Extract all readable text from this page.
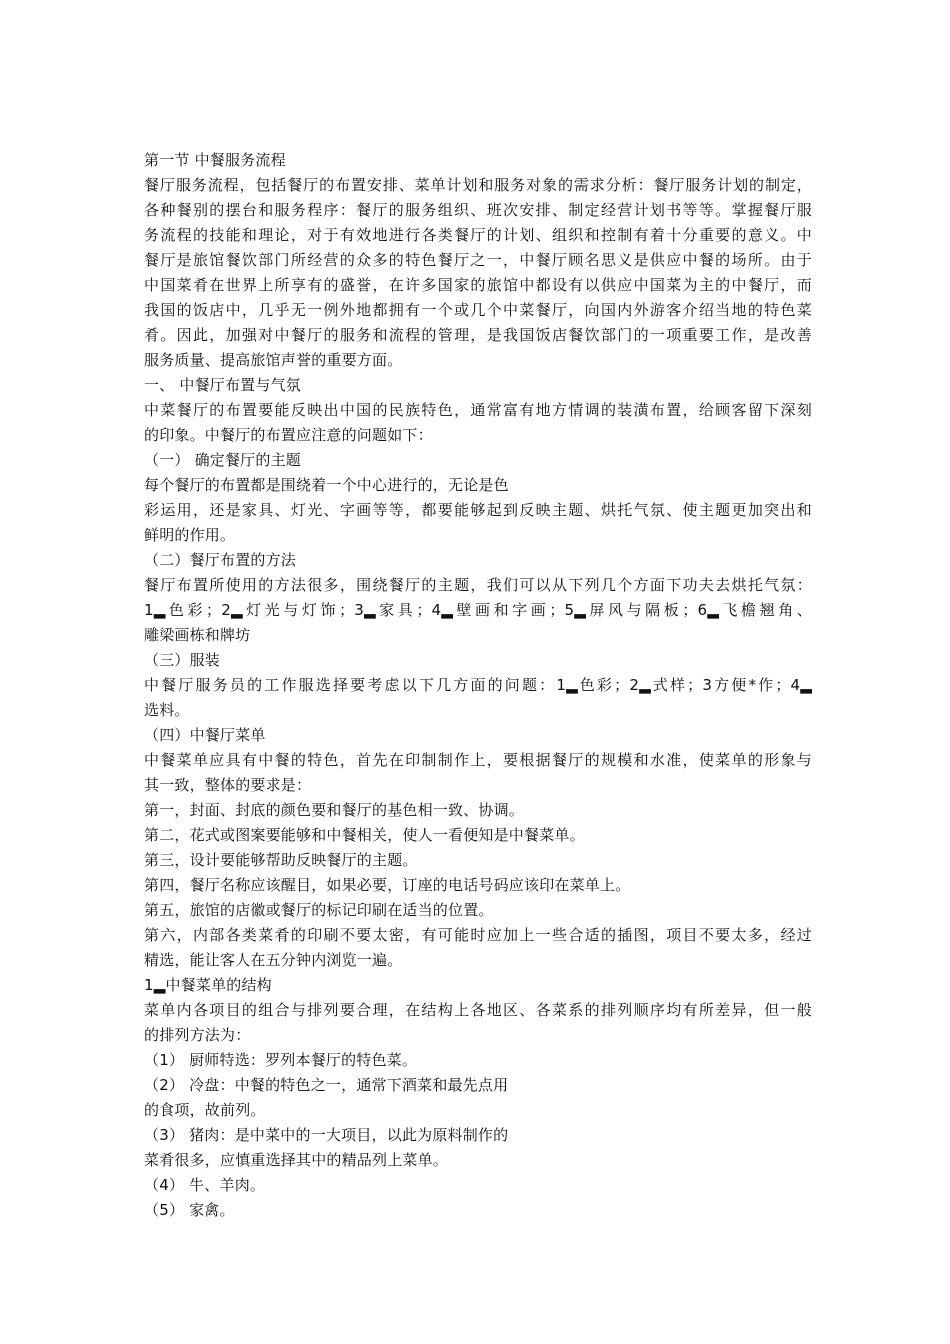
第一节 中餐服务流程
餐厅服务流程，包括餐厅的布置安排、菜单计划和服务对象的需求分析：餐厅服务计划的制定，
各种餐别的摆台和服务程序：餐厅的服务组织、班次安排、制定经营计划书等等。掌握餐厅服
务流程的技能和理论，对于有效地进行各类餐厅的计划、组织和控制有着十分重要的意义。中
餐厅是旅馆餐饮部门所经营的众多的特色餐厅之一，中餐厅顾名思义是供应中餐的场所。由于
中国菜肴在世界上所享有的盛誉，在许多国家的旅馆中都设有以供应中国菜为主的中餐厅，而
我国的饭店中，几乎无一例外地都拥有一个或几个中菜餐厅，向国内外游客介绍当地的特色菜
肴。因此，加强对中餐厅的服务和流程的管理，是我国饭店餐饮部门的一项重要工作，是改善
服务质量、提高旅馆声誉的重要方面。
一、 中餐厅布置与气氛
中菜餐厅的布置要能反映出中国的民族特色，通常富有地方情调的装潢布置，给顾客留下深刻
的印象。中餐厅的布置应注意的问题如下：
（一） 确定餐厅的主题
每个餐厅的布置都是围绕着一个中心进行的，无论是色
彩运用，还是家具、灯光、字画等等，都要能够起到反映主题、烘托气氛、使主题更加突出和
鲜明的作用。
（二）餐厅布置的方法
餐厅布置所使用的方法很多，围绕餐厅的主题，我们可以从下列几个方面下功夫去烘托气氛：
1▂色彩；2▂灯光与灯饰；3▂家具；4▂壁画和字画；5▂屏风与隔板；6▂飞檐翘角、
雕梁画栋和牌坊
（三）服装
中餐厅服务员的工作服选择要考虑以下几方面的问题：1▂色彩；2▂式样；3方便*作；4▂
选料。
（四）中餐厅菜单
中餐菜单应具有中餐的特色，首先在印制制作上，要根据餐厅的规模和水准，使菜单的形象与
其一致，整体的要求是：
第一，封面、封底的颜色要和餐厅的基色相一致、协调。
第二，花式或图案要能够和中餐相关，使人一看便知是中餐菜单。
第三，设计要能够帮助反映餐厅的主题。
第四，餐厅名称应该醒目，如果必要，订座的电话号码应该印在菜单上。
第五，旅馆的店徽或餐厅的标记印刷在适当的位置。
第六，内部各类菜肴的印刷不要太密，有可能时应加上一些合适的插图，项目不要太多，经过
精选，能让客人在五分钟内浏览一遍。
1▂中餐菜单的结构
菜单内各项目的组合与排列要合理，在结构上各地区、各菜系的排列顺序均有所差异，但一般
的排列方法为：
（1） 厨师特选：罗列本餐厅的特色菜。
（2） 冷盘：中餐的特色之一，通常下酒菜和最先点用
的食项，故前列。
（3） 猪肉：是中菜中的一大项目，以此为原料制作的
菜肴很多，应慎重选择其中的精品列上菜单。
（4） 牛、羊肉。
（5） 家禽。
